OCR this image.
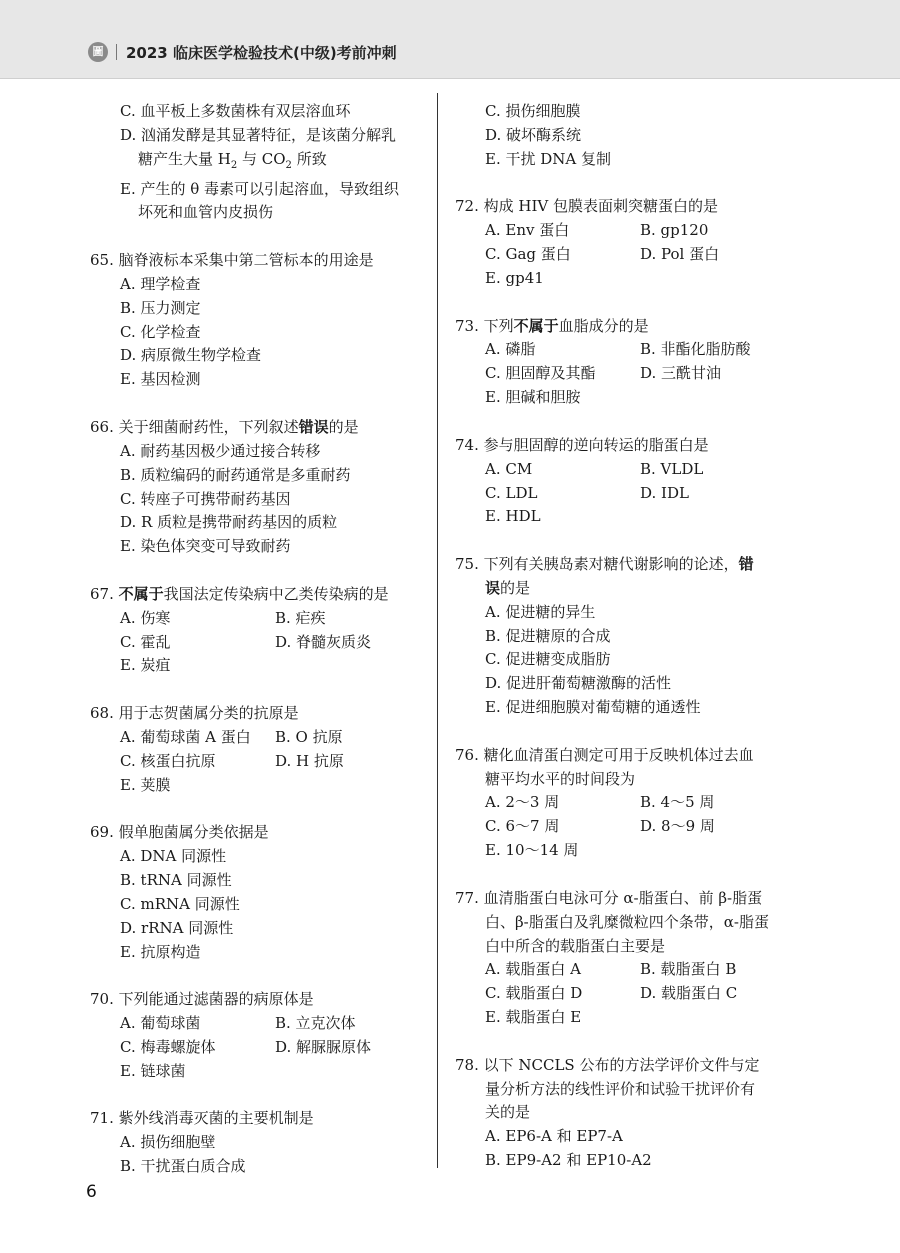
圖	2023 临床医学检验技术(中级)考前冲刺
C. 血平板上多数菌株有双层溶血环
D. 汹涌发酵是其显著特征，是该菌分解乳
糖产生大量 $H_2$ 与 $CO_2$ 所致
E. 产生的 θ 毒素可以引起溶血，导致组织
坏死和血管内皮损伤
65. 脑脊液标本采集中第二管标本的用途是
A. 理学检查
B. 压力测定
C. 化学检查
D. 病原微生物学检查
E. 基因检测
66. 关于细菌耐药性，下列叙述错误的是
A. 耐药基因极少通过接合转移
B. 质粒编码的耐药通常是多重耐药
C. 转座子可携带耐药基因
D. R 质粒是携带耐药基因的质粒
E. 染色体突变可导致耐药
67. 不属于我国法定传染病中乙类传染病的是
A. 伤寒	B. 疟疾
C. 霍乱	D. 脊髓灰质炎
E. 炭疽
68. 用于志贺菌属分类的抗原是
A. 葡萄球菌 A 蛋白	B. O 抗原
C. 核蛋白抗原	D. H 抗原
E. 荚膜
69. 假单胞菌属分类依据是
A. DNA 同源性
B. tRNA 同源性
C. mRNA 同源性
D. rRNA 同源性
E. 抗原构造
70. 下列能通过滤菌器的病原体是
A. 葡萄球菌	B. 立克次体
C. 梅毒螺旋体	D. 解脲脲原体
E. 链球菌
71. 紫外线消毒灭菌的主要机制是
A. 损伤细胞壁
B. 干扰蛋白质合成
C. 损伤细胞膜
D. 破坏酶系统
E. 干扰 DNA 复制
72. 构成 HIV 包膜表面刺突糖蛋白的是
A. Env 蛋白	B. gp120
C. Gag 蛋白	D. Pol 蛋白
E. gp41
73. 下列不属于血脂成分的是
A. 磷脂	B. 非酯化脂肪酸
C. 胆固醇及其酯	D. 三酰甘油
E. 胆碱和胆胺
74. 参与胆固醇的逆向转运的脂蛋白是
A. CM	B. VLDL
C. LDL	D. IDL
E. HDL
75. 下列有关胰岛素对糖代谢影响的论述，错
误的是
A. 促进糖的异生
B. 促进糖原的合成
C. 促进糖变成脂肪
D. 促进肝葡萄糖激酶的活性
E. 促进细胞膜对葡萄糖的通透性
76. 糖化血清蛋白测定可用于反映机体过去血
糖平均水平的时间段为
A. 2～3 周	B. 4～5 周
C. 6～7 周	D. 8～9 周
E. 10～14 周
77. 血清脂蛋白电泳可分 α-脂蛋白、前 β-脂蛋
白、β-脂蛋白及乳糜微粒四个条带，α-脂蛋
白中所含的载脂蛋白主要是
A. 载脂蛋白 A	B. 载脂蛋白 B
C. 载脂蛋白 D	D. 载脂蛋白 C
E. 载脂蛋白 E
78. 以下 NCCLS 公布的方法学评价文件与定
量分析方法的线性评价和试验干扰评价有
关的是
A. EP6-A 和 EP7-A
B. EP9-A2 和 EP10-A2
6
